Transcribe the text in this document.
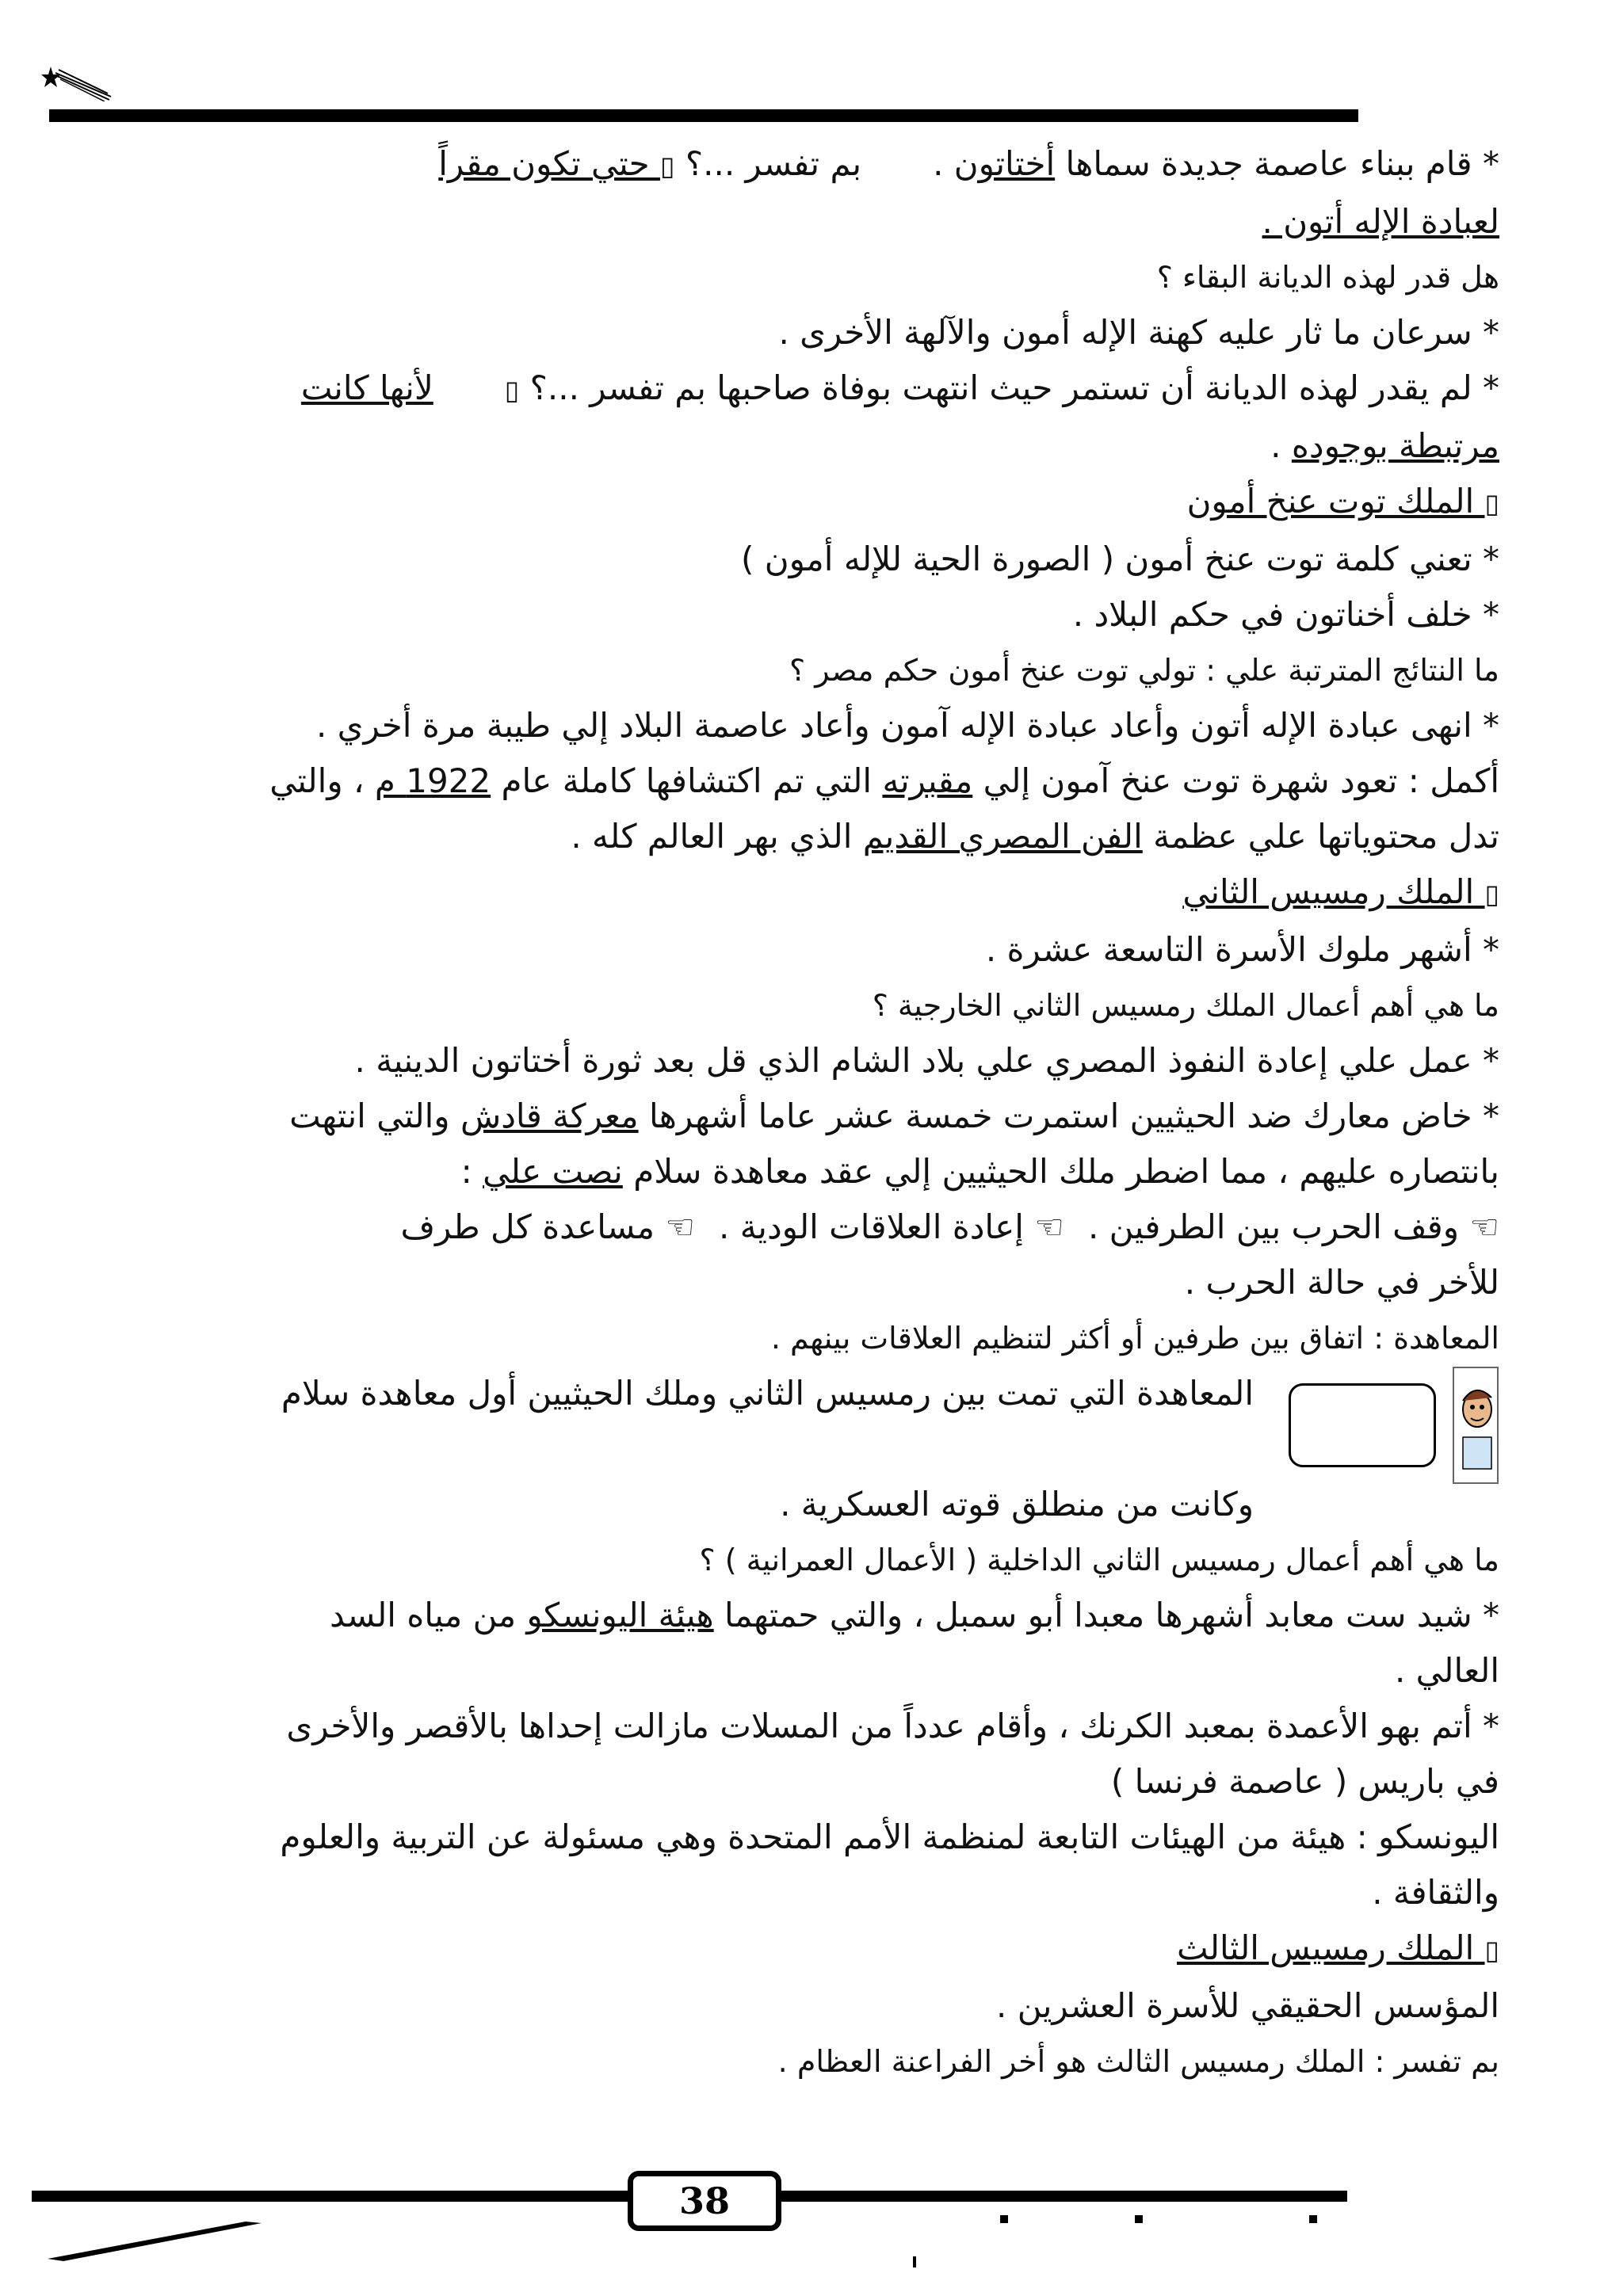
* قام ببناء عاصمة جديدة سماها أختاتون .بم تفسر ...؟ ▯ حتي تكون مقراً
لعبادة الإله أتون .
هل قدر لهذه الديانة البقاء ؟
* سرعان ما ثار عليه كهنة الإله أمون والآلهة الأخرى .
* لم يقدر لهذه الديانة أن تستمر حيث انتهت بوفاة صاحبها بم تفسر ...؟ ▯لأنها كانت
مرتبطة بوجوده .
▯ الملك توت عنخ أمون
* تعني كلمة توت عنخ أمون ( الصورة الحية للإله أمون )
* خلف أخناتون في حكم البلاد .
ما النتائج المترتبة علي : تولي توت عنخ أمون حكم مصر ؟
* انهى عبادة الإله أتون وأعاد عبادة الإله آمون وأعاد عاصمة البلاد إلي طيبة مرة أخري .
أكمل : تعود شهرة توت عنخ آمون إلي مقبرته التي تم اكتشافها كاملة عام 1922 م ، والتي
تدل محتوياتها علي عظمة الفن المصري القديم الذي بهر العالم كله .
▯ الملك رمسيس الثاني
* أشهر ملوك الأسرة التاسعة عشرة .
ما هي أهم أعمال الملك رمسيس الثاني الخارجية ؟
* عمل علي إعادة النفوذ المصري علي بلاد الشام الذي قل بعد ثورة أختاتون الدينية .
* خاض معارك ضد الحيثيين استمرت خمسة عشر عاما أشهرها معركة قادش والتي انتهت
بانتصاره عليهم ، مما اضطر ملك الحيثيين إلي عقد معاهدة سلام نصت علي :
☜ وقف الحرب بين الطرفين .☜ إعادة العلاقات الودية .☜ مساعدة كل طرف
للأخر في حالة الحرب .
المعاهدة : اتفاق بين طرفين أو أكثر لتنظيم العلاقات بينهم .
المعاهدة التي تمت بين رمسيس الثاني وملك الحيثيين أول معاهدة سلام
وكانت من منطلق قوته العسكرية .
ما هي أهم أعمال رمسيس الثاني الداخلية ( الأعمال العمرانية ) ؟
* شيد ست معابد أشهرها معبدا أبو سمبل ، والتي حمتهما هيئة اليونسكو من مياه السد
العالي .
* أتم بهو الأعمدة بمعبد الكرنك ، وأقام عدداً من المسلات مازالت إحداها بالأقصر والأخرى
في باريس ( عاصمة فرنسا )
اليونسكو : هيئة من الهيئات التابعة لمنظمة الأمم المتحدة وهي مسئولة عن التربية والعلوم
والثقافة .
▯ الملك رمسيس الثالث
المؤسس الحقيقي للأسرة العشرين .
بم تفسر : الملك رمسيس الثالث هو أخر الفراعنة العظام .
38
